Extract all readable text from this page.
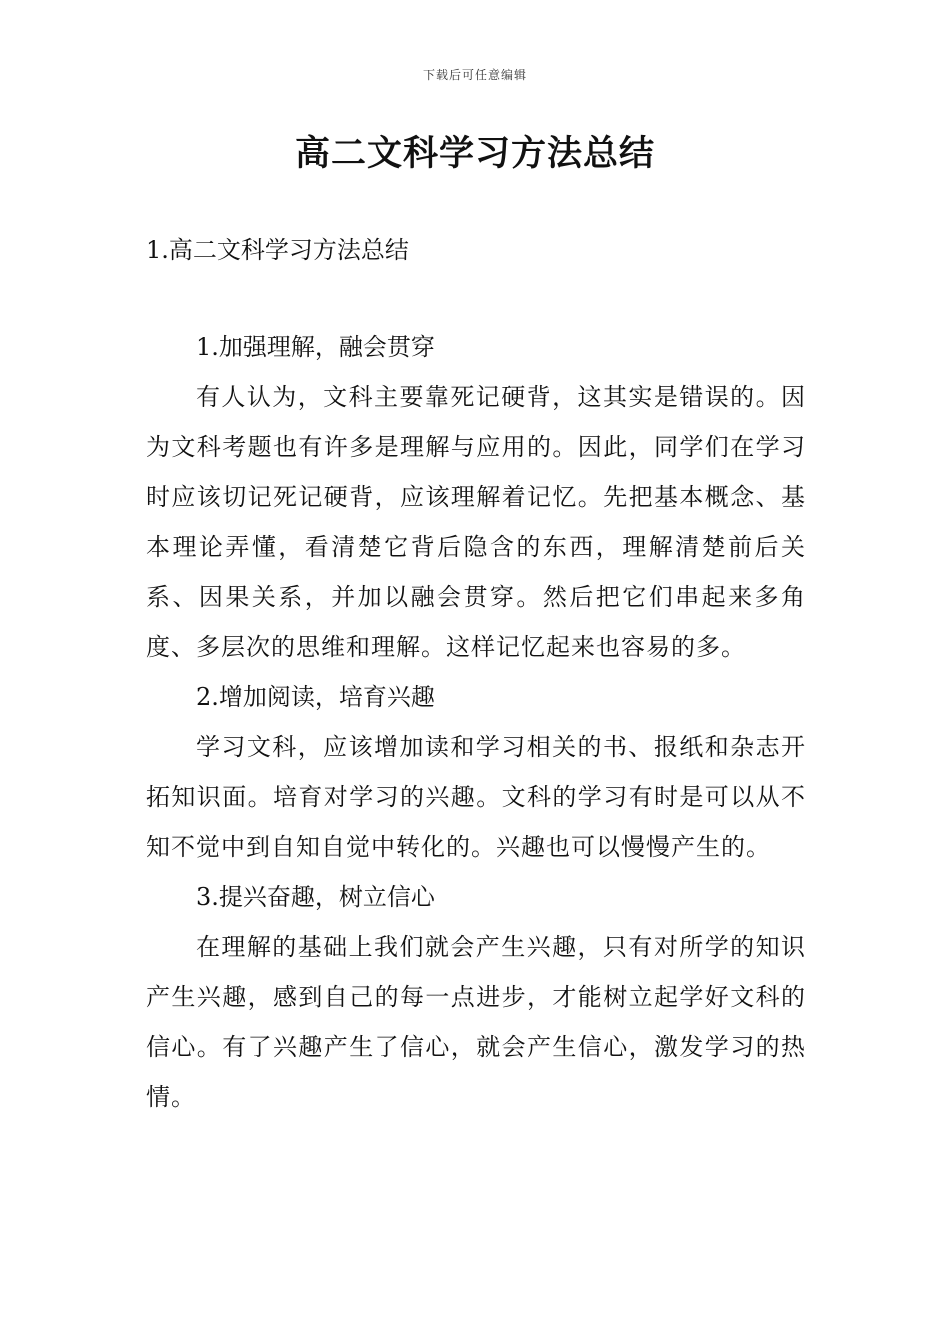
下载后可任意编辑
高二文科学习方法总结
1.高二文科学习方法总结

1.加强理解，融会贯穿

有人认为，文科主要靠死记硬背，这其实是错误的。因为文科考题也有许多是理解与应用的。因此，同学们在学习时应该切记死记硬背，应该理解着记忆。先把基本概念、基本理论弄懂，看清楚它背后隐含的东西，理解清楚前后关系、因果关系，并加以融会贯穿。然后把它们串起来多角度、多层次的思维和理解。这样记忆起来也容易的多。

2.增加阅读，培育兴趣

学习文科，应该增加读和学习相关的书、报纸和杂志开拓知识面。培育对学习的兴趣。文科的学习有时是可以从不知不觉中到自知自觉中转化的。兴趣也可以慢慢产生的。

3.提兴奋趣，树立信心

在理解的基础上我们就会产生兴趣，只有对所学的知识产生兴趣，感到自己的每一点进步，才能树立起学好文科的信心。有了兴趣产生了信心，就会产生信心，激发学习的热情。
